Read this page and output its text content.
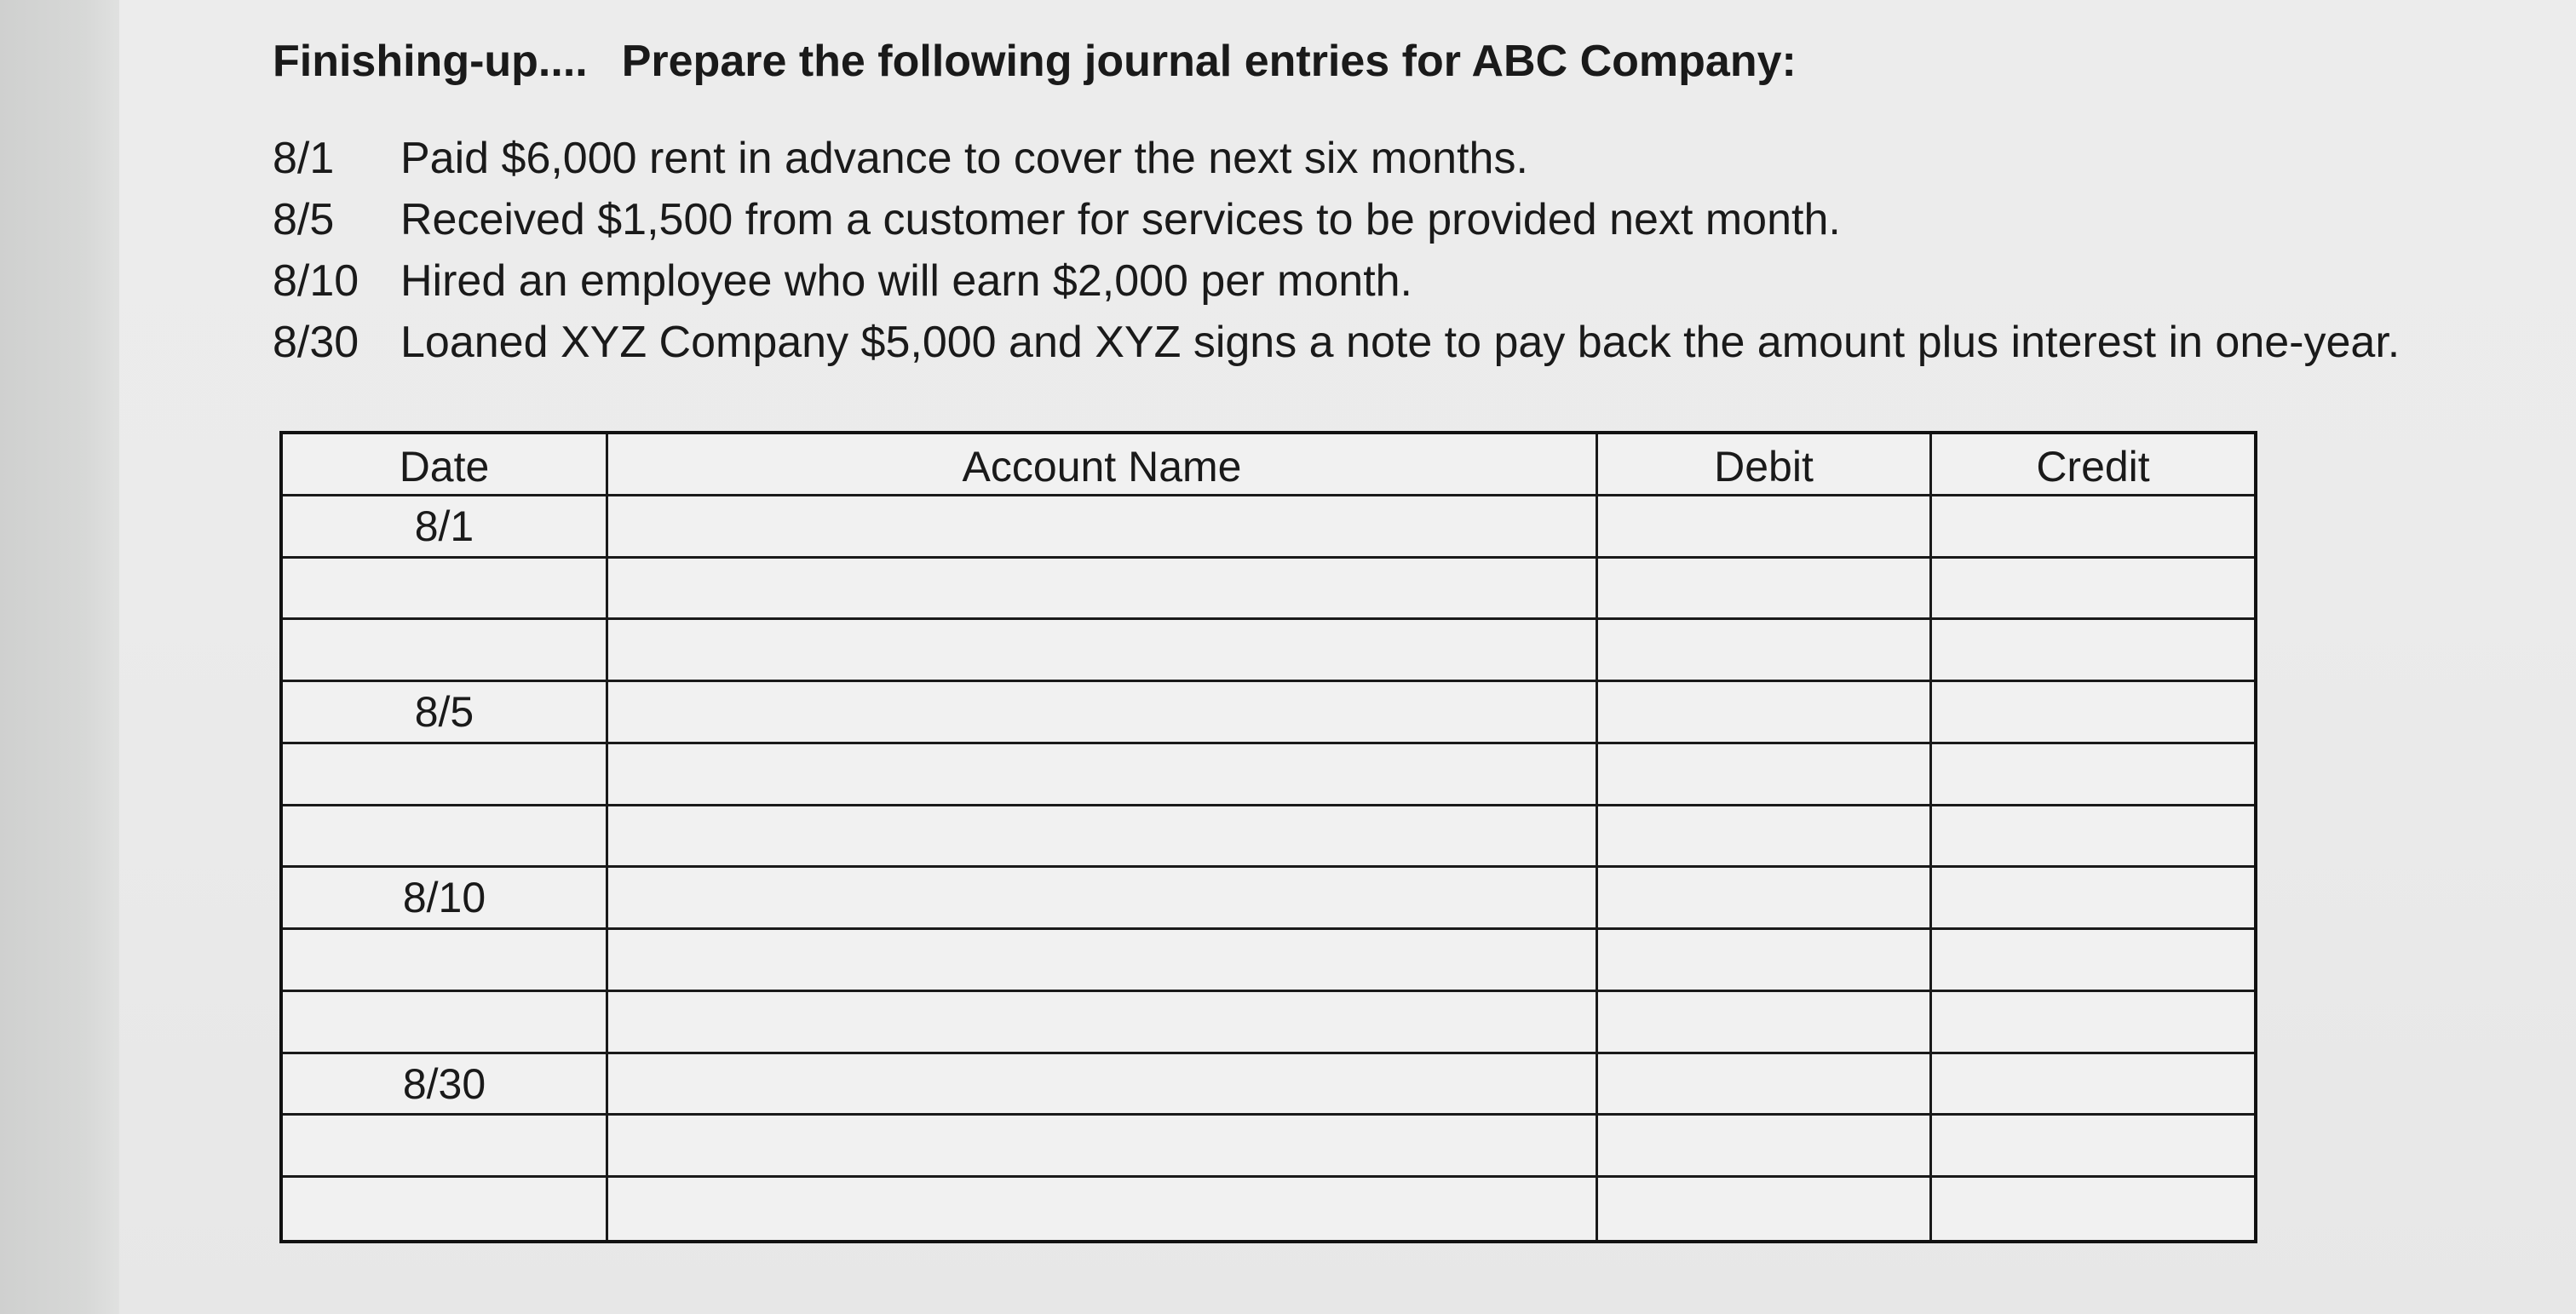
Finishing-up.... Prepare the following journal entries for ABC Company:
8/1	Paid $6,000 rent in advance to cover the next six months.
8/5	Received $1,500 from a customer for services to be provided next month.
8/10 Hired an employee who will earn $2,000 per month.
8/30 Loaned XYZ Company $5,000 and XYZ signs a note to pay back the amount plus interest in one-year.
Date	Account Name	Debit	Credit
8/1
8/5
8/10
8/30
